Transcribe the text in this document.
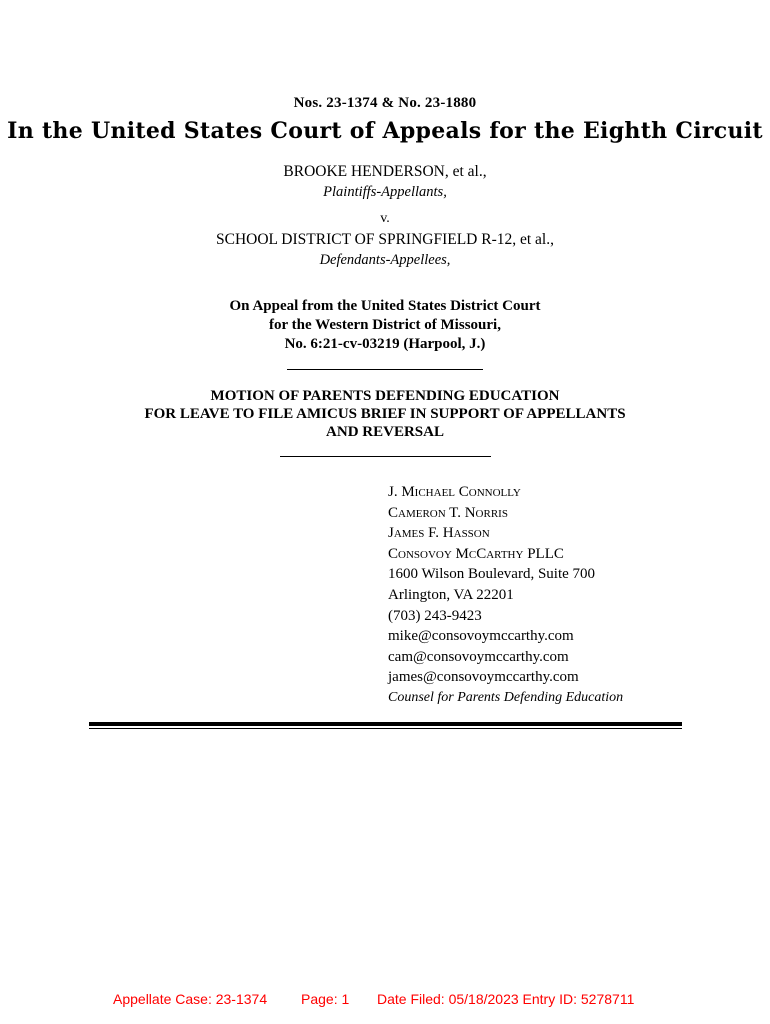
Nos. 23-1374 & No. 23-1880
In the United States Court of Appeals for the Eighth Circuit
BROOKE HENDERSON, et al.,
Plaintiffs-Appellants,
v.
SCHOOL DISTRICT OF SPRINGFIELD R-12, et al.,
Defendants-Appellees,
On Appeal from the United States District Court
for the Western District of Missouri,
No. 6:21-cv-03219 (Harpool, J.)
MOTION OF PARENTS DEFENDING EDUCATION
FOR LEAVE TO FILE AMICUS BRIEF IN SUPPORT OF APPELLANTS
AND REVERSAL
J. Michael Connolly
Cameron T. Norris
James F. Hasson
Consovoy McCarthy PLLC
1600 Wilson Boulevard, Suite 700
Arlington, VA 22201
(703) 243-9423
mike@consovoymccarthy.com
cam@consovoymccarthy.com
james@consovoymccarthy.com
Counsel for Parents Defending Education
Appellate Case: 23-1374 Page: 1 Date Filed: 05/18/2023 Entry ID: 5278711
